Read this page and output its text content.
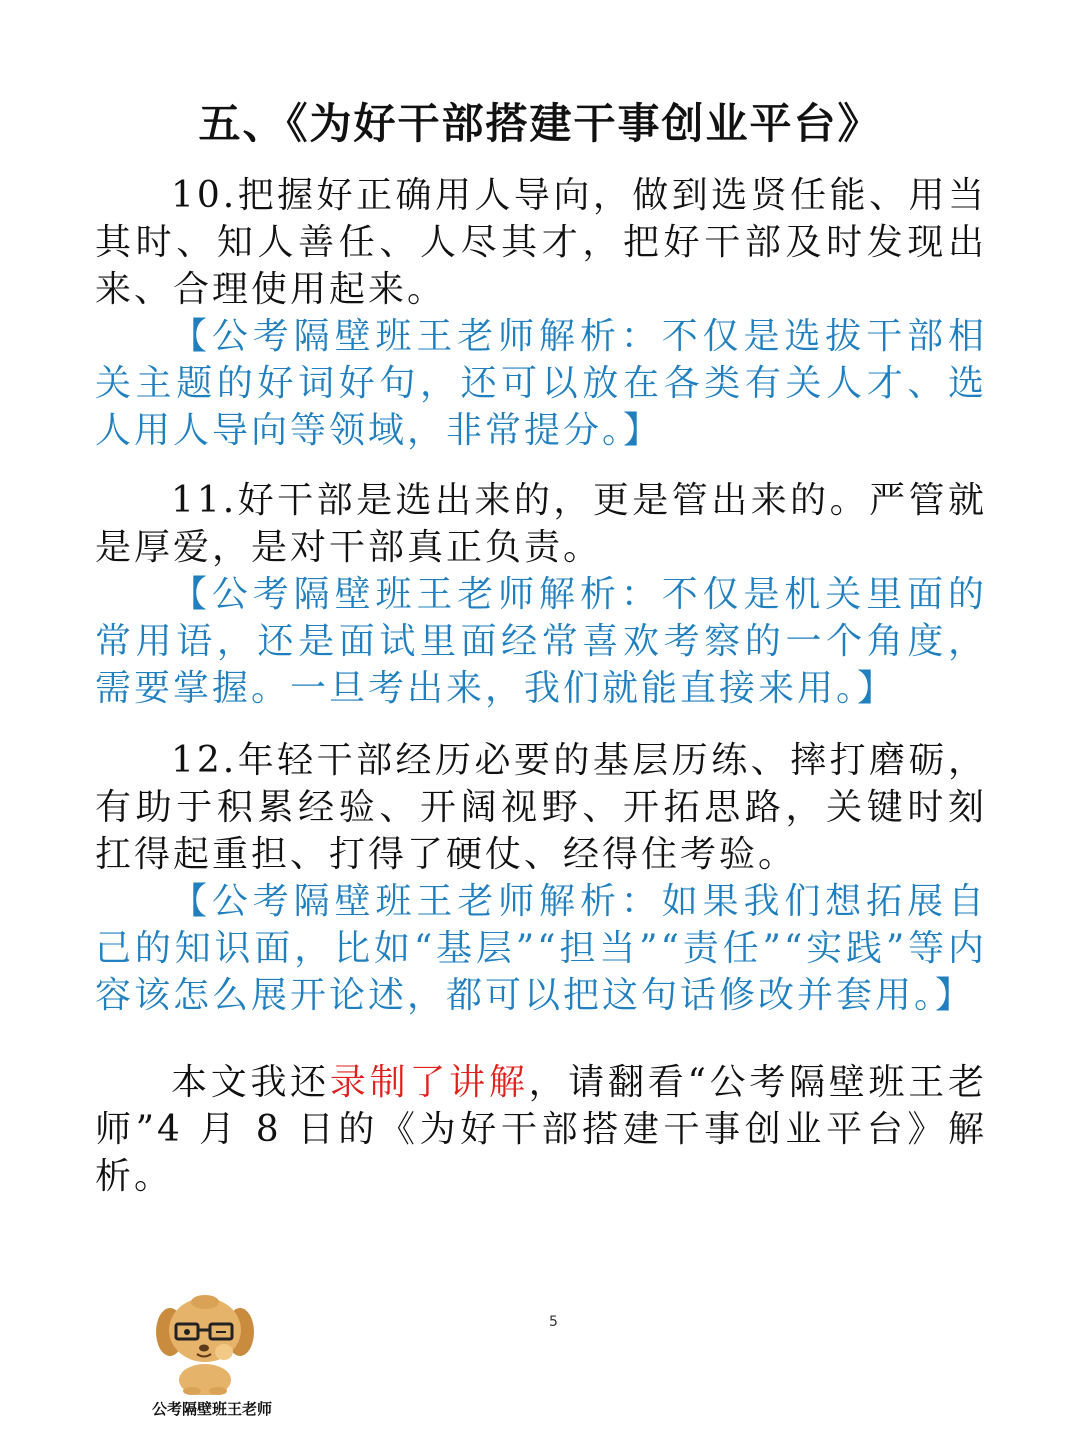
五、《为好干部搭建干事创业平台》

10.把握好正确用人导向，做到选贤任能、用当其时、知人善任、人尽其才，把好干部及时发现出来、合理使用起来。

【公考隔壁班王老师解析：不仅是选拔干部相关主题的好词好句，还可以放在各类有关人才、选人用人导向等领域，非常提分。】

11.好干部是选出来的，更是管出来的。严管就是厚爱，是对干部真正负责。

【公考隔壁班王老师解析：不仅是机关里面的常用语，还是面试里面经常喜欢考察的一个角度，需要掌握。一旦考出来，我们就能直接来用。】

12.年轻干部经历必要的基层历练、摔打磨砺，有助于积累经验、开阔视野、开拓思路，关键时刻扛得起重担、打得了硬仗、经得住考验。

【公考隔壁班王老师解析：如果我们想拓展自己的知识面，比如“基层”“担当”“责任”“实践”等内容该怎么展开论述，都可以把这句话修改并套用。】

本文我还录制了讲解，请翻看“公考隔壁班王老师”4 月 8 日的《为好干部搭建干事创业平台》解析。

5
公考隔壁班王老师
